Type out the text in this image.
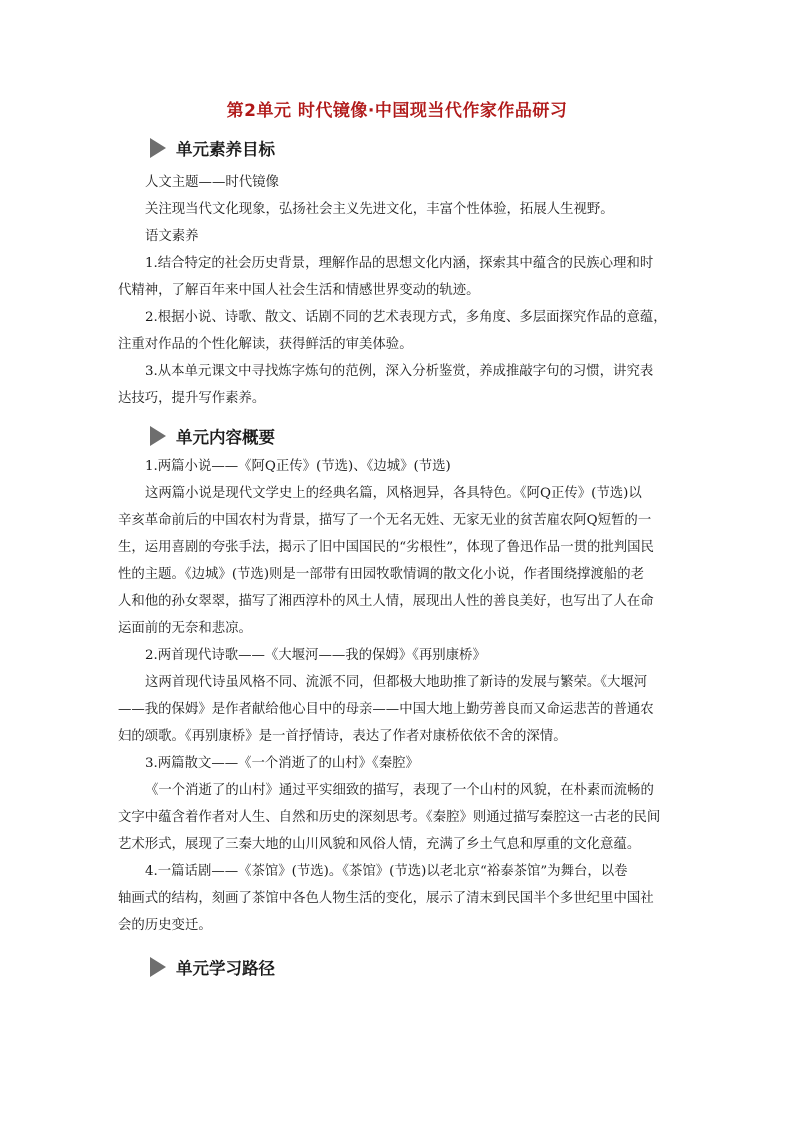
第2单元 时代镜像·中国现当代作家作品研习
单元素养目标
人文主题——时代镜像
关注现当代文化现象，弘扬社会主义先进文化，丰富个性体验，拓展人生视野。
语文素养
1.结合特定的社会历史背景，理解作品的思想文化内涵，探索其中蕴含的民族心理和时
代精神，了解百年来中国人社会生活和情感世界变动的轨迹。
2.根据小说、诗歌、散文、话剧不同的艺术表现方式，多角度、多层面探究作品的意蕴，
注重对作品的个性化解读，获得鲜活的审美体验。
3.从本单元课文中寻找炼字炼句的范例，深入分析鉴赏，养成推敲字句的习惯，讲究表
达技巧，提升写作素养。
单元内容概要
1.两篇小说——《阿Q正传》(节选)、《边城》(节选)
这两篇小说是现代文学史上的经典名篇，风格迥异，各具特色。《阿Q正传》(节选)以
辛亥革命前后的中国农村为背景，描写了一个无名无姓、无家无业的贫苦雇农阿Q短暂的一
生，运用喜剧的夸张手法，揭示了旧中国国民的“劣根性”，体现了鲁迅作品一贯的批判国民
性的主题。《边城》(节选)则是一部带有田园牧歌情调的散文化小说，作者围绕撑渡船的老
人和他的孙女翠翠，描写了湘西淳朴的风土人情，展现出人性的善良美好，也写出了人在命
运面前的无奈和悲凉。
2.两首现代诗歌——《大堰河——我的保姆》《再别康桥》
这两首现代诗虽风格不同、流派不同，但都极大地助推了新诗的发展与繁荣。《大堰河
——我的保姆》是作者献给他心目中的母亲——中国大地上勤劳善良而又命运悲苦的普通农
妇的颂歌。《再别康桥》是一首抒情诗，表达了作者对康桥依依不舍的深情。
3.两篇散文——《一个消逝了的山村》《秦腔》
《一个消逝了的山村》通过平实细致的描写，表现了一个山村的风貌，在朴素而流畅的
文字中蕴含着作者对人生、自然和历史的深刻思考。《秦腔》则通过描写秦腔这一古老的民间
艺术形式，展现了三秦大地的山川风貌和风俗人情，充满了乡土气息和厚重的文化意蕴。
4.一篇话剧——《茶馆》(节选)。《茶馆》(节选)以老北京“裕泰茶馆”为舞台，以卷
轴画式的结构，刻画了茶馆中各色人物生活的变化，展示了清末到民国半个多世纪里中国社
会的历史变迁。
单元学习路径
